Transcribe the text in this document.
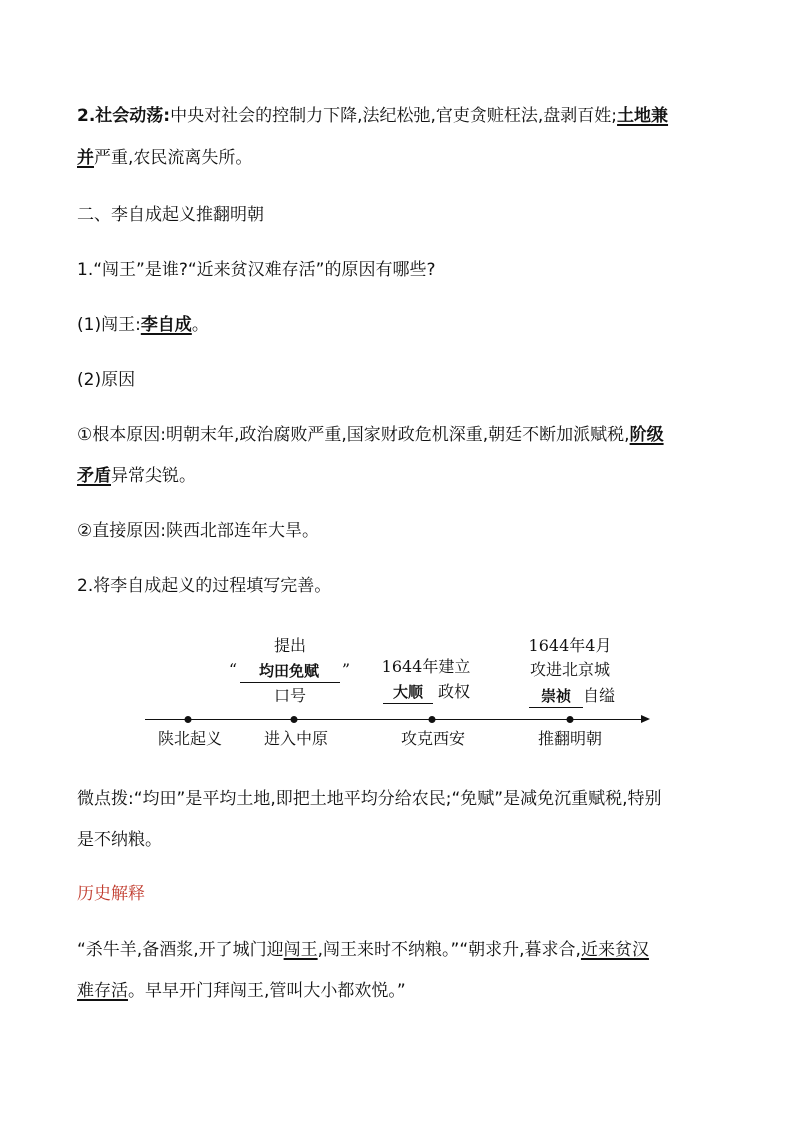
2.社会动荡:中央对社会的控制力下降,法纪松弛,官吏贪赃枉法,盘剥百姓;土地兼
并严重,农民流离失所。
二、李自成起义推翻明朝
1.“闯王”是谁?“近来贫汉难存活”的原因有哪些?
(1)闯王:李自成。
(2)原因
①根本原因:明朝末年,政治腐败严重,国家财政危机深重,朝廷不断加派赋税,阶级
矛盾异常尖锐。
②直接原因:陕西北部连年大旱。
2.将李自成起义的过程填写完善。
提出
“ 均田免赋 ”
口号
1644年建立
大顺 政权
1644年4月
攻进北京城
崇祯 自缢
陕北起义	进入中原	攻克西安	推翻明朝
微点拨:“均田”是平均土地,即把土地平均分给农民;“免赋”是减免沉重赋税,特别
是不纳粮。
历史解释
“杀牛羊,备酒浆,开了城门迎闯王,闯王来时不纳粮。”“朝求升,暮求合,近来贫汉
难存活。早早开门拜闯王,管叫大小都欢悦。”
